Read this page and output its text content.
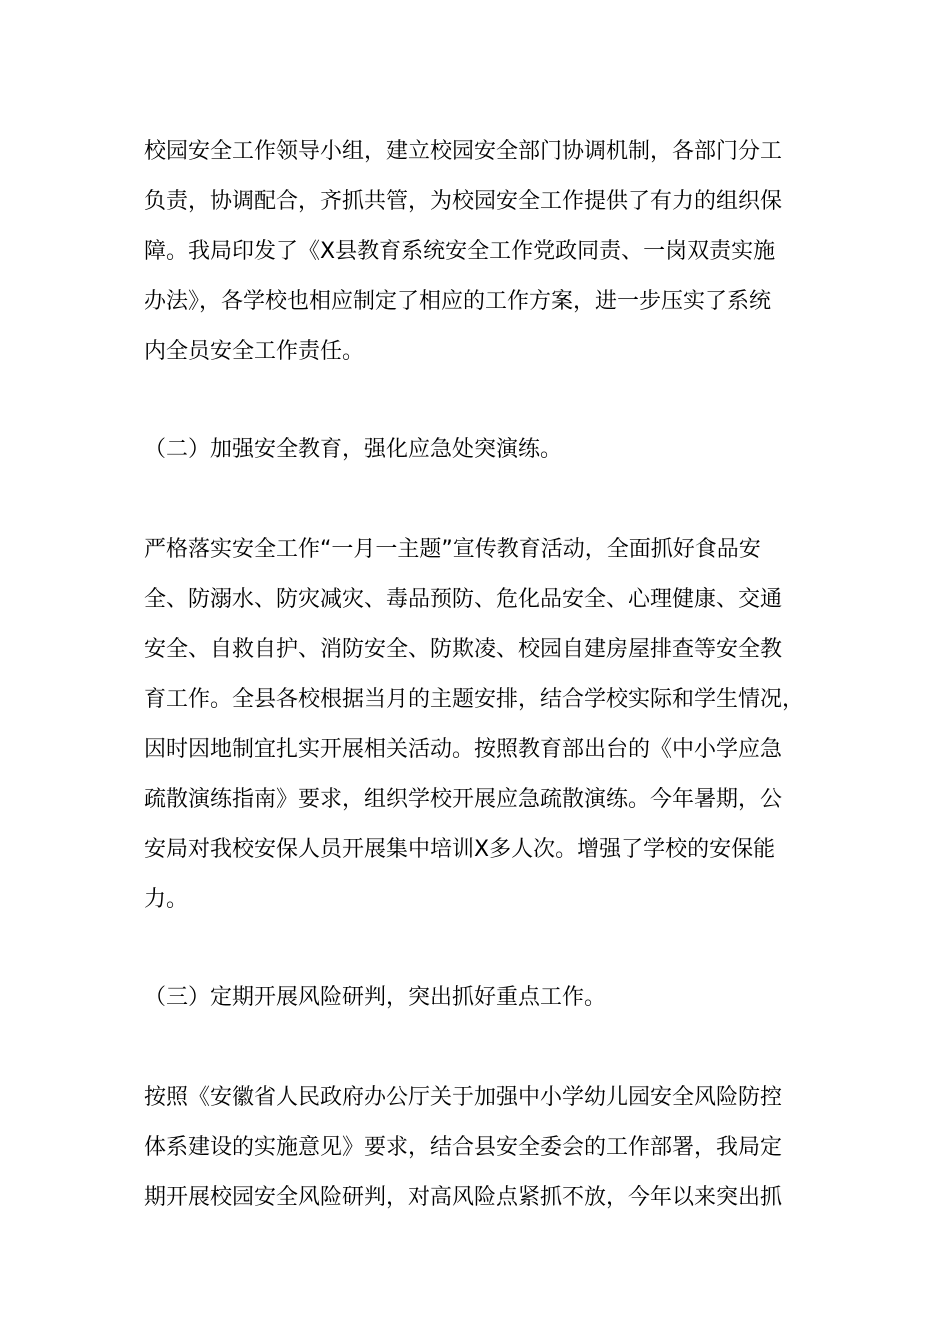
校园安全工作领导小组，建立校园安全部门协调机制，各部门分工
负责，协调配合，齐抓共管，为校园安全工作提供了有力的组织保
障。我局印发了《X县教育系统安全工作党政同责、一岗双责实施
办法》，各学校也相应制定了相应的工作方案，进一步压实了系统
内全员安全工作责任。
（二）加强安全教育，强化应急处突演练。
严格落实安全工作“一月一主题”宣传教育活动，全面抓好食品安
全、防溺水、防灾减灾、毒品预防、危化品安全、心理健康、交通
安全、自救自护、消防安全、防欺凌、校园自建房屋排查等安全教
育工作。全县各校根据当月的主题安排，结合学校实际和学生情况，
因时因地制宜扎实开展相关活动。按照教育部出台的《中小学应急
疏散演练指南》要求，组织学校开展应急疏散演练。今年暑期，公
安局对我校安保人员开展集中培训X多人次。增强了学校的安保能
力。
（三）定期开展风险研判，突出抓好重点工作。
按照《安徽省人民政府办公厅关于加强中小学幼儿园安全风险防控
体系建设的实施意见》要求，结合县安全委会的工作部署，我局定
期开展校园安全风险研判，对高风险点紧抓不放，今年以来突出抓
